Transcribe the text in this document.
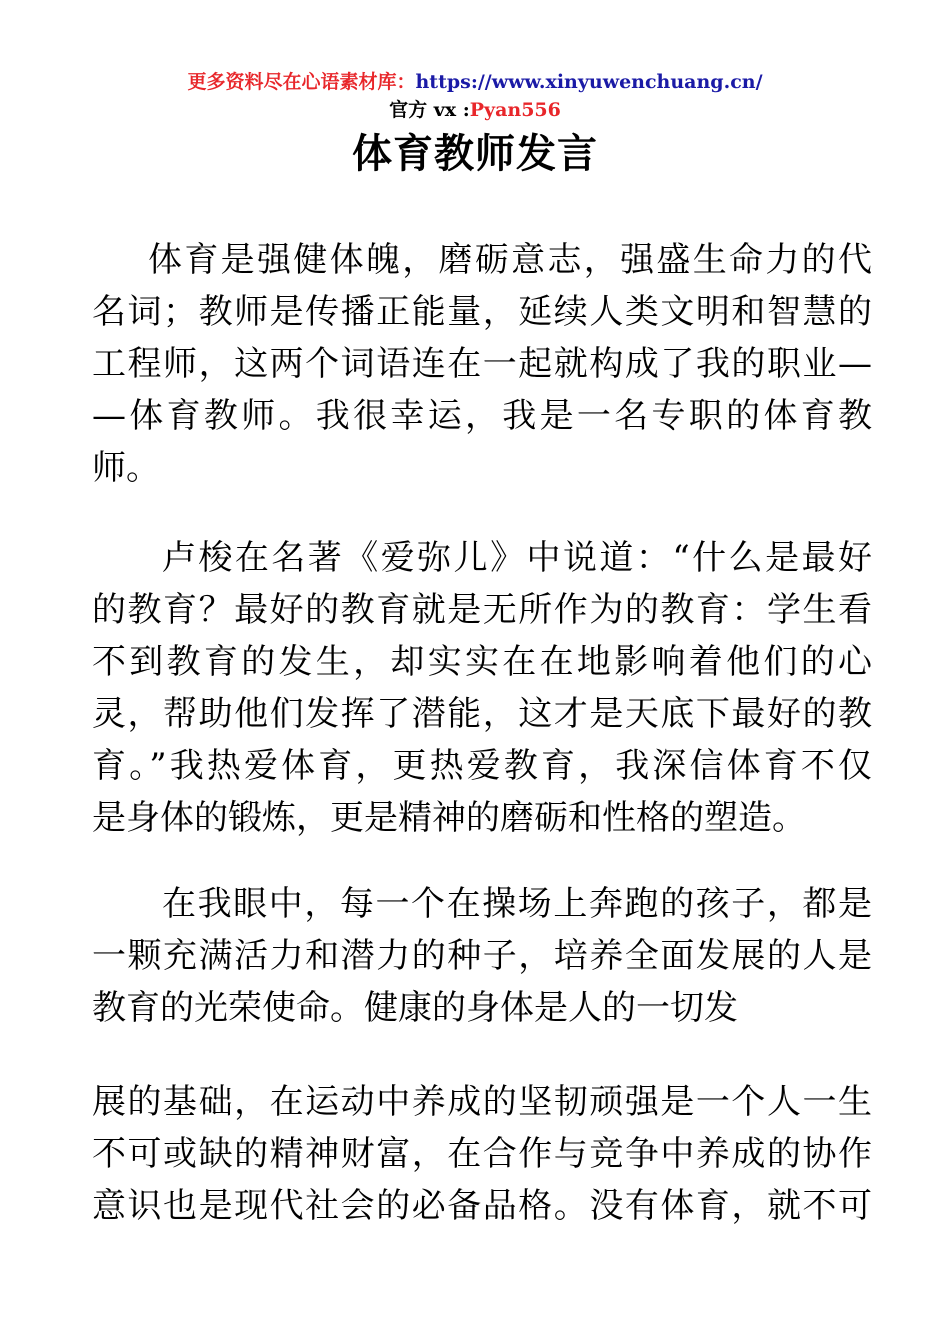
更多资料尽在心语素材库：https://www.xinyuwenchuang.cn/
官方 vx :Pyan556
体育教师发言
体育是强健体魄，磨砺意志，强盛生命力的代
名词；教师是传播正能量，延续人类文明和智慧的
工程师，这两个词语连在一起就构成了我的职业—
—体育教师。我很幸运，我是一名专职的体育教
师。
卢梭在名著《爱弥儿》中说道：“什么是最好
的教育？最好的教育就是无所作为的教育：学生看
不到教育的发生，却实实在在地影响着他们的心
灵，帮助他们发挥了潜能，这才是天底下最好的教
育。”我热爱体育，更热爱教育，我深信体育不仅
是身体的锻炼，更是精神的磨砺和性格的塑造。
在我眼中，每一个在操场上奔跑的孩子，都是
一颗充满活力和潜力的种子，培养全面发展的人是
教育的光荣使命。健康的身体是人的一切发
展的基础，在运动中养成的坚韧顽强是一个人一生
不可或缺的精神财富，在合作与竞争中养成的协作
意识也是现代社会的必备品格。没有体育，就不可
